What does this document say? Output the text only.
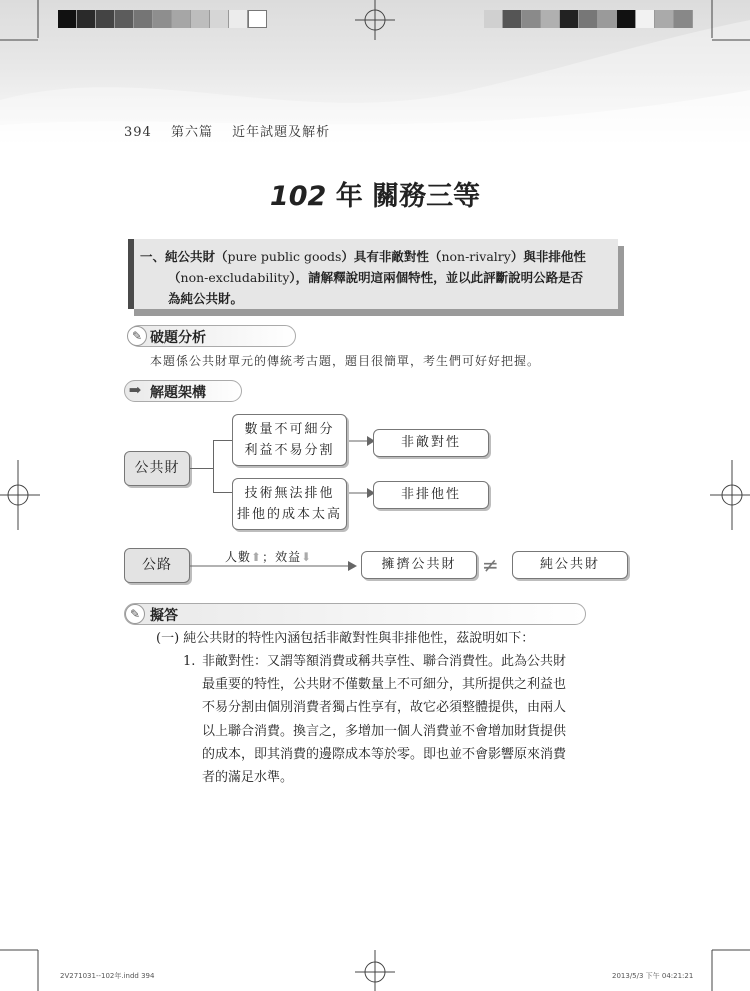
394 第六篇 近年試題及解析
102 年 關務三等
一、純公共財（pure public goods）具有非敵對性（non-rivalry）與非排他性
（non-excludability），請解釋說明這兩個特性，並以此評斷說明公路是否
為純公共財。
✎ 破題分析
本題係公共財單元的傳統考古題，題目很簡單，考生們可好好把握。
➡ 解題架構
公共財
數量不可細分
利益不易分割
技術無法排他
排他的成本太高
非敵對性
非排他性
公路	人數⬆；效益⬇	擁擠公共財	≠	純公共財
✎ 擬答
(一) 純公共財的特性內涵包括非敵對性與非排他性，茲說明如下：
1. 非敵對性：又謂等額消費或稱共享性、聯合消費性。此為公共財
最重要的特性，公共財不僅數量上不可細分，其所提供之利益也
不易分割由個別消費者獨占性享有，故它必須整體提供，由兩人
以上聯合消費。換言之，多增加一個人消費並不會增加財貨提供
的成本，即其消費的邊際成本等於零。即也並不會影響原來消費
者的滿足水準。
2V271031--102年.indd 394	2013/5/3 下午 04:21:21
